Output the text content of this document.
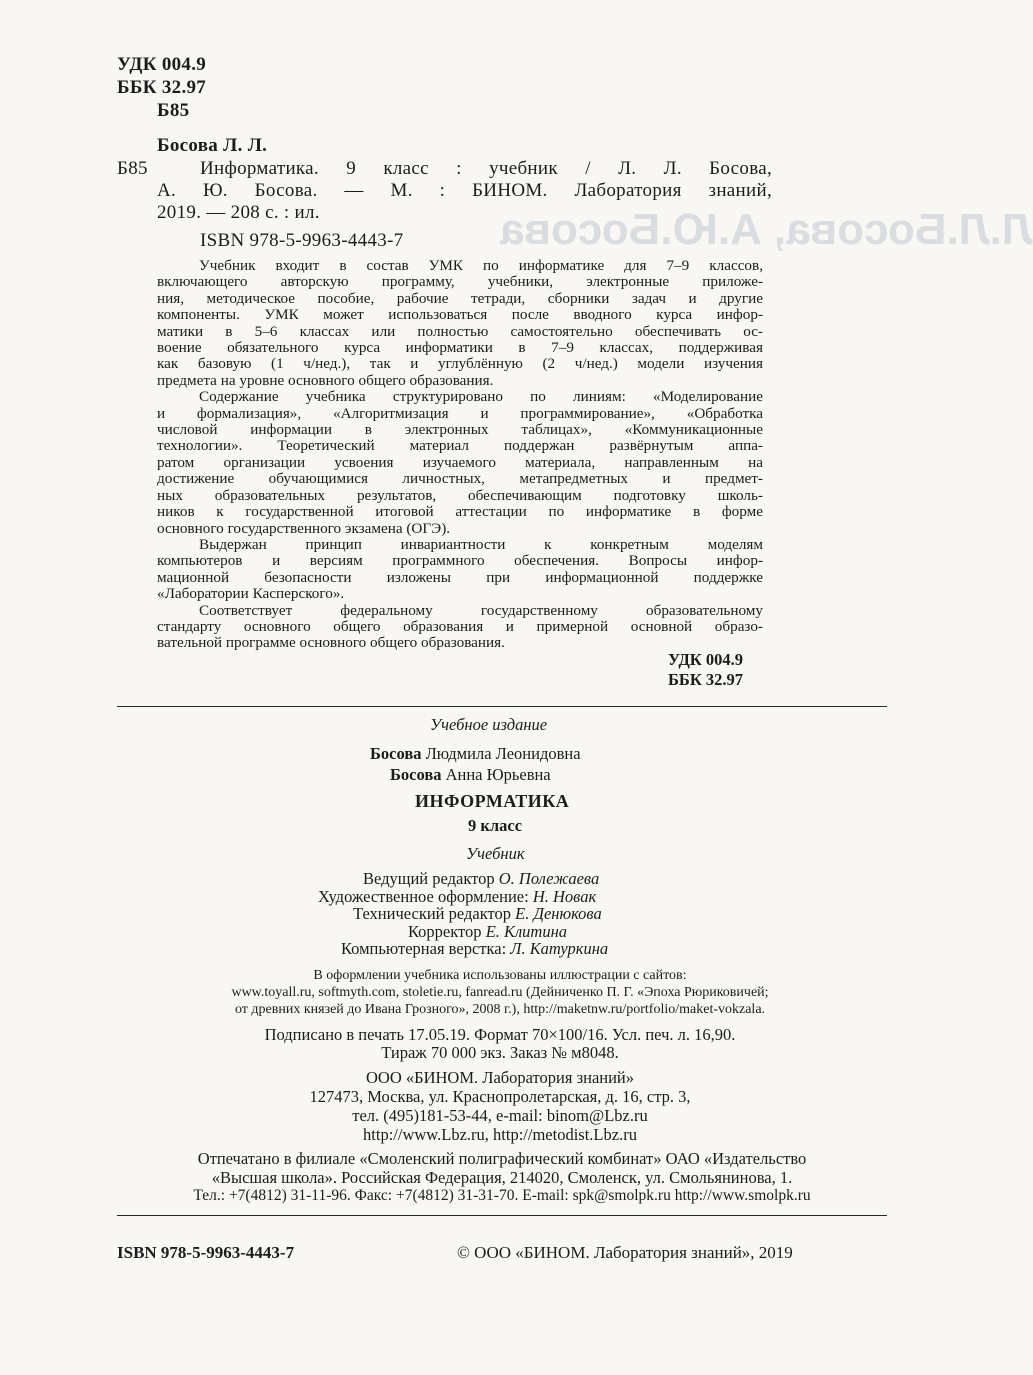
Л.Л.Босова, А.Ю.Босова
УДК 004.9
ББК 32.97
Б85
Босова Л. Л.
Б85	Информатика. 9 класс : учебник / Л. Л. Босова,
А. Ю. Босова. — М. : БИНОМ. Лаборатория знаний,
2019. — 208 с. : ил.
ISBN 978-5-9963-4443-7
Учебник входит в состав УМК по информатике для 7–9 классов,
включающего авторскую программу, учебники, электронные приложе-
ния, методическое пособие, рабочие тетради, сборники задач и другие
компоненты. УМК может использоваться после вводного курса инфор-
матики в 5–6 классах или полностью самостоятельно обеспечивать ос-
воение обязательного курса информатики в 7–9 классах, поддерживая
как базовую (1 ч/нед.), так и углублённую (2 ч/нед.) модели изучения
предмета на уровне основного общего образования.
Содержание учебника структурировано по линиям: «Моделирование
и формализация», «Алгоритмизация и программирование», «Обработка
числовой информации в электронных таблицах», «Коммуникационные
технологии». Теоретический материал поддержан развёрнутым аппа-
ратом организации усвоения изучаемого материала, направленным на
достижение обучающимися личностных, метапредметных и предмет-
ных образовательных результатов, обеспечивающим подготовку школь-
ников к государственной итоговой аттестации по информатике в форме
основного государственного экзамена (ОГЭ).
Выдержан принцип инвариантности к конкретным моделям
компьютеров и версиям программного обеспечения. Вопросы инфор-
мационной безопасности изложены при информационной поддержке
«Лаборатории Касперского».
Соответствует федеральному государственному образовательному
стандарту основного общего образования и примерной основной образо-
вательной программе основного общего образования.
УДК 004.9
ББК 32.97
Учебное издание
Босова Людмила Леонидовна
Босова Анна Юрьевна
ИНФОРМАТИКА
9 класс
Учебник
Ведущий редактор О. Полежаева
Художественное оформление: Н. Новак
Технический редактор Е. Денюкова
Корректор Е. Клитина
Компьютерная верстка: Л. Катуркина
В оформлении учебника использованы иллюстрации с сайтов:
www.toyall.ru, softmyth.com, stoletie.ru, fanread.ru (Дейниченко П. Г. «Эпоха Рюриковичей;
от древних князей до Ивана Грозного», 2008 г.), http://maketnw.ru/portfolio/maket-vokzala.
Подписано в печать 17.05.19. Формат 70×100/16. Усл. печ. л. 16,90.
Тираж 70 000 экз. Заказ № м8048.
ООО «БИНОМ. Лаборатория знаний»
127473, Москва, ул. Краснопролетарская, д. 16, стр. 3,
тел. (495)181-53-44, e-mail: binom@Lbz.ru
http://www.Lbz.ru, http://metodist.Lbz.ru
Отпечатано в филиале «Смоленский полиграфический комбинат» ОАО «Издательство
«Высшая школа». Российская Федерация, 214020, Смоленск, ул. Смольянинова, 1.
Тел.: +7(4812) 31-11-96. Факс: +7(4812) 31-31-70. E-mail: spk@smolpk.ru http://www.smolpk.ru
ISBN 978-5-9963-4443-7	© ООО «БИНОМ. Лаборатория знаний», 2019
